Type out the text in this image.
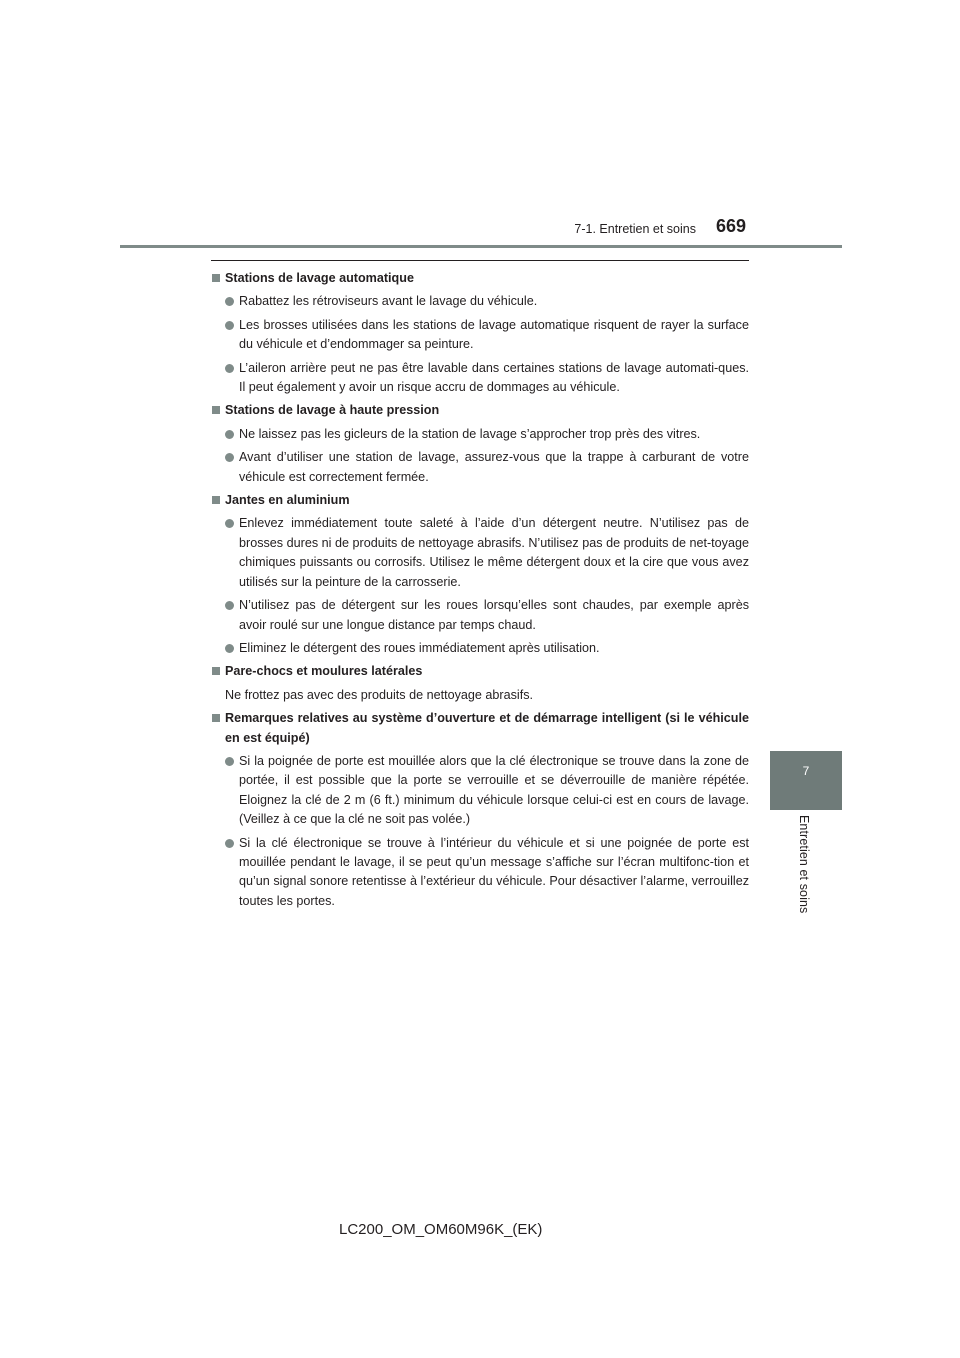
7-1. Entretien et soins 669
7
Entretien et soins
Stations de lavage automatique
Rabattez les rétroviseurs avant le lavage du véhicule.
Les brosses utilisées dans les stations de lavage automatique risquent de rayer la surface du véhicule et d’endommager sa peinture.
L’aileron arrière peut ne pas être lavable dans certaines stations de lavage automati-ques. Il peut également y avoir un risque accru de dommages au véhicule.
Stations de lavage à haute pression
Ne laissez pas les gicleurs de la station de lavage s’approcher trop près des vitres.
Avant d’utiliser une station de lavage, assurez-vous que la trappe à carburant de votre véhicule est correctement fermée.
Jantes en aluminium
Enlevez immédiatement toute saleté à l’aide d’un détergent neutre. N’utilisez pas de brosses dures ni de produits de nettoyage abrasifs. N’utilisez pas de produits de net-toyage chimiques puissants ou corrosifs. Utilisez le même détergent doux et la cire que vous avez utilisés sur la peinture de la carrosserie.
N’utilisez pas de détergent sur les roues lorsqu’elles sont chaudes, par exemple après avoir roulé sur une longue distance par temps chaud.
Eliminez le détergent des roues immédiatement après utilisation.
Pare-chocs et moulures latérales
Ne frottez pas avec des produits de nettoyage abrasifs.
Remarques relatives au système d’ouverture et de démarrage intelligent (si le véhicule en est équipé)
Si la poignée de porte est mouillée alors que la clé électronique se trouve dans la zone de portée, il est possible que la porte se verrouille et se déverrouille de manière répétée. Eloignez la clé de 2 m (6 ft.) minimum du véhicule lorsque celui-ci est en cours de lavage. (Veillez à ce que la clé ne soit pas volée.)
Si la clé électronique se trouve à l’intérieur du véhicule et si une poignée de porte est mouillée pendant le lavage, il se peut qu’un message s’affiche sur l’écran multifonc-tion et qu’un signal sonore retentisse à l’extérieur du véhicule. Pour désactiver l’alarme, verrouillez toutes les portes.
LC200_OM_OM60M96K_(EK)
